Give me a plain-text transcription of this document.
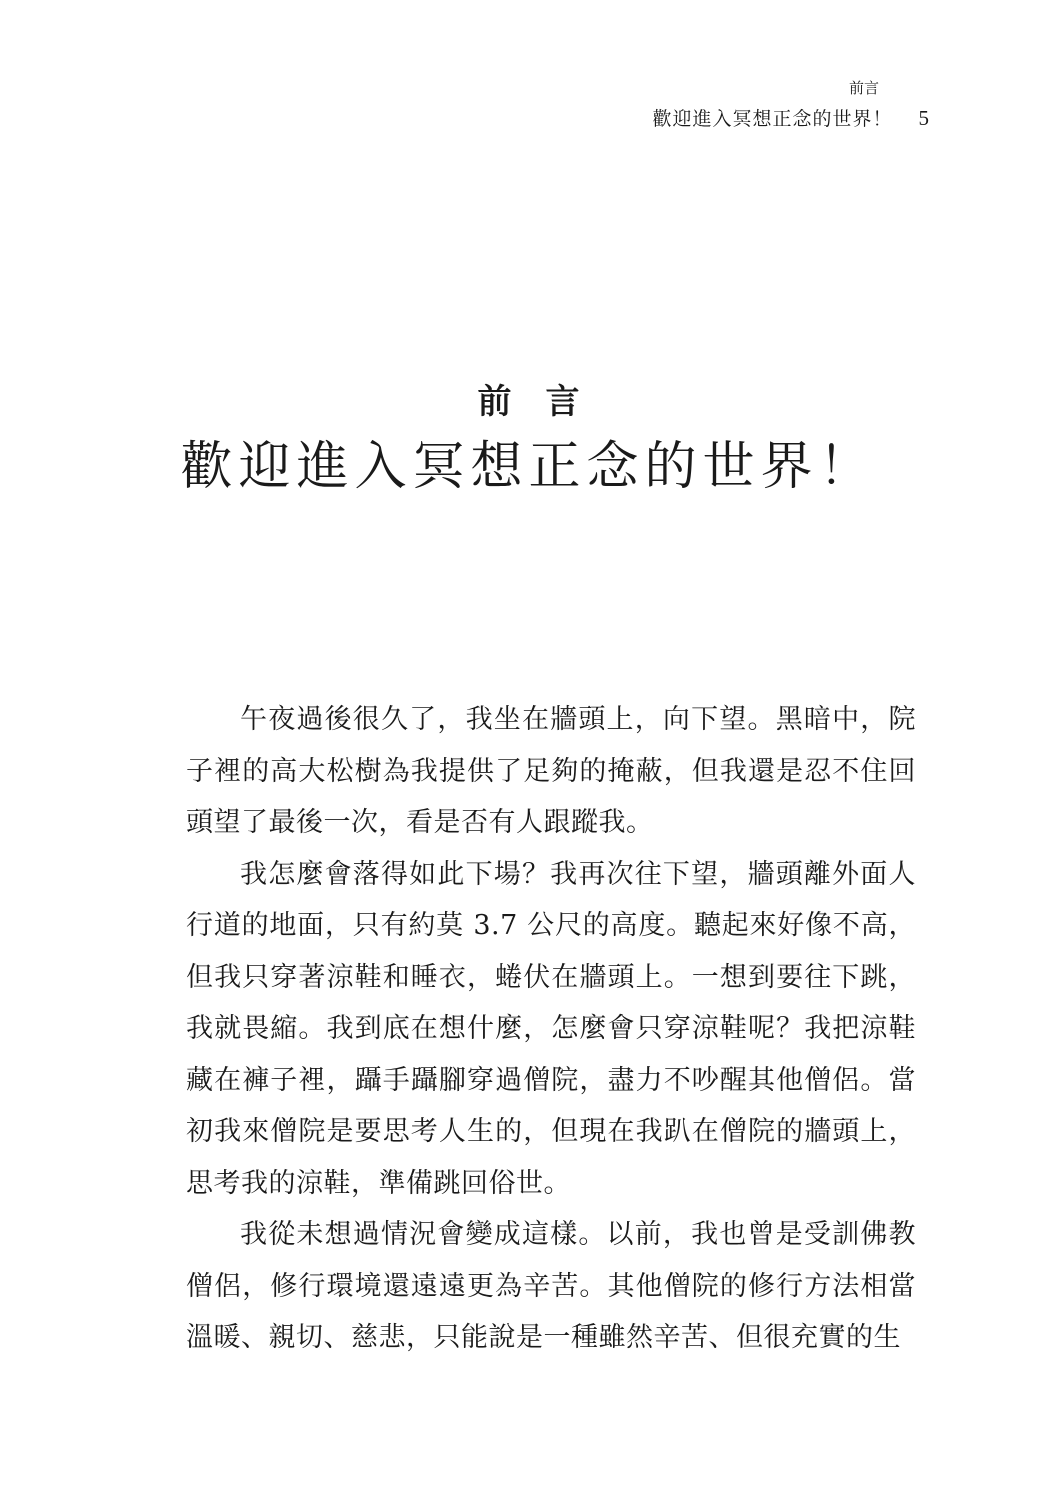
前言
歡迎進入冥想正念的世界！ 5
前言
歡迎進入冥想正念的世界！

午夜過後很久了，我坐在牆頭上，向下望。黑暗中，院子裡的高大松樹為我提供了足夠的掩蔽，但我還是忍不住回頭望了最後一次，看是否有人跟蹤我。

我怎麼會落得如此下場？我再次往下望，牆頭離外面人行道的地面，只有約莫 3.7 公尺的高度。聽起來好像不高，但我只穿著涼鞋和睡衣，蜷伏在牆頭上。一想到要往下跳，我就畏縮。我到底在想什麼，怎麼會只穿涼鞋呢？我把涼鞋藏在褲子裡，躡手躡腳穿過僧院，盡力不吵醒其他僧侶。當初我來僧院是要思考人生的，但現在我趴在僧院的牆頭上，思考我的涼鞋，準備跳回俗世。

我從未想過情況會變成這樣。以前，我也曾是受訓佛教僧侶，修行環境還遠遠更為辛苦。其他僧院的修行方法相當溫暖、親切、慈悲，只能說是一種雖然辛苦、但很充實的生
